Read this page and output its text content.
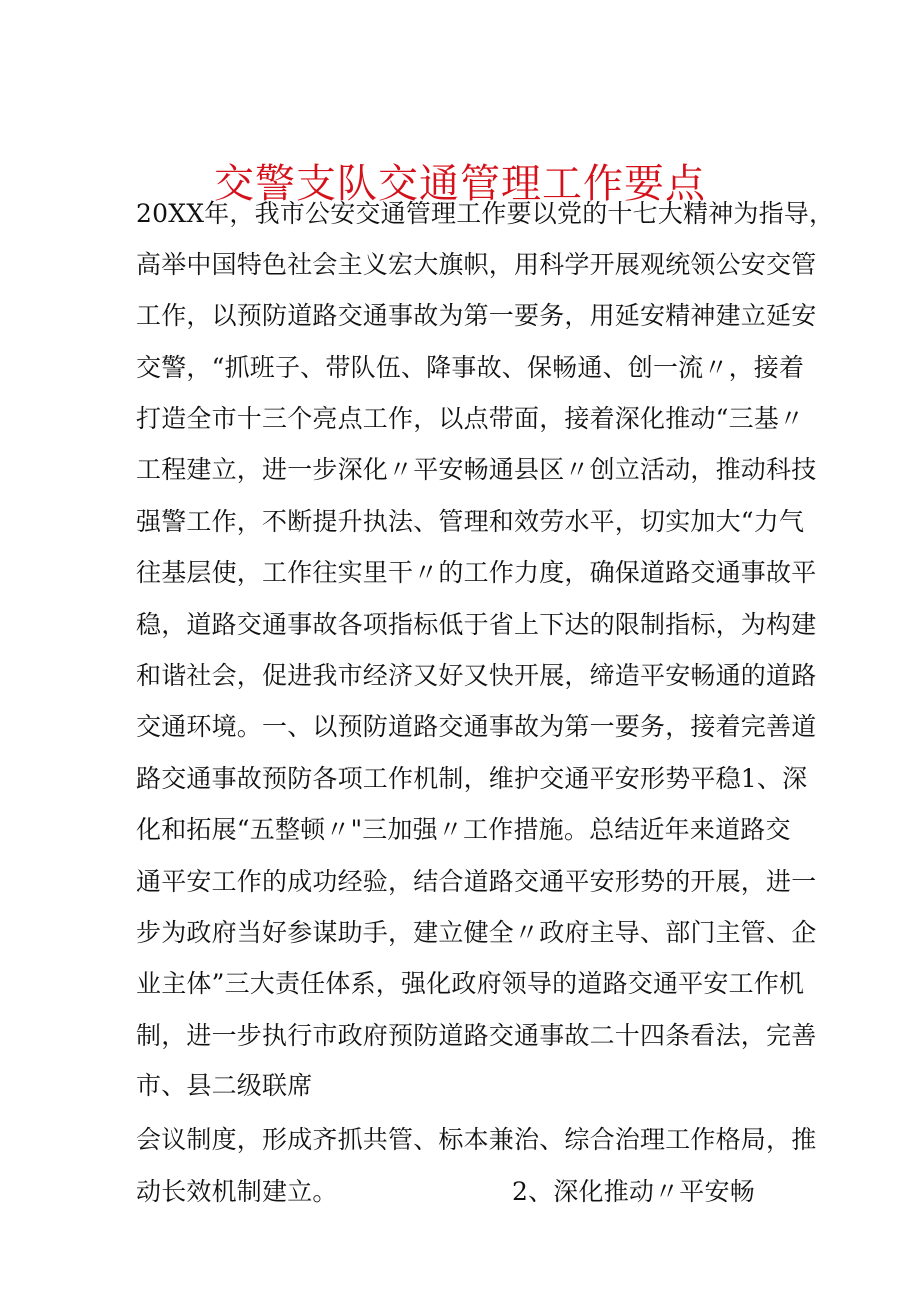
交警支队交通管理工作要点
20XX年，我市公安交通管理工作要以党的十七大精神为指导，
高举中国特色社会主义宏大旗帜，用科学开展观统领公安交管
工作，以预防道路交通事故为第一要务，用延安精神建立延安
交警，“抓班子、带队伍、降事故、保畅通、创一流〃，接着
打造全市十三个亮点工作，以点带面，接着深化推动“三基〃
工程建立，进一步深化〃平安畅通县区〃创立活动，推动科技
强警工作，不断提升执法、管理和效劳水平，切实加大“力气
往基层使，工作往实里干〃的工作力度，确保道路交通事故平
稳，道路交通事故各项指标低于省上下达的限制指标，为构建
和谐社会，促进我市经济又好又快开展，缔造平安畅通的道路
交通环境。一、以预防道路交通事故为第一要务，接着完善道
路交通事故预防各项工作机制，维护交通平安形势平稳1、深
化和拓展“五整顿〃"三加强〃工作措施。总结近年来道路交
通平安工作的成功经验，结合道路交通平安形势的开展，进一
步为政府当好参谋助手，建立健全〃政府主导、部门主管、企
业主体”三大责任体系，强化政府领导的道路交通平安工作机
制，进一步执行市政府预防道路交通事故二十四条看法，完善
市、县二级联席
会议制度，形成齐抓共管、标本兼治、综合治理工作格局，推
动长效机制建立。	2、深化推动〃平安畅
